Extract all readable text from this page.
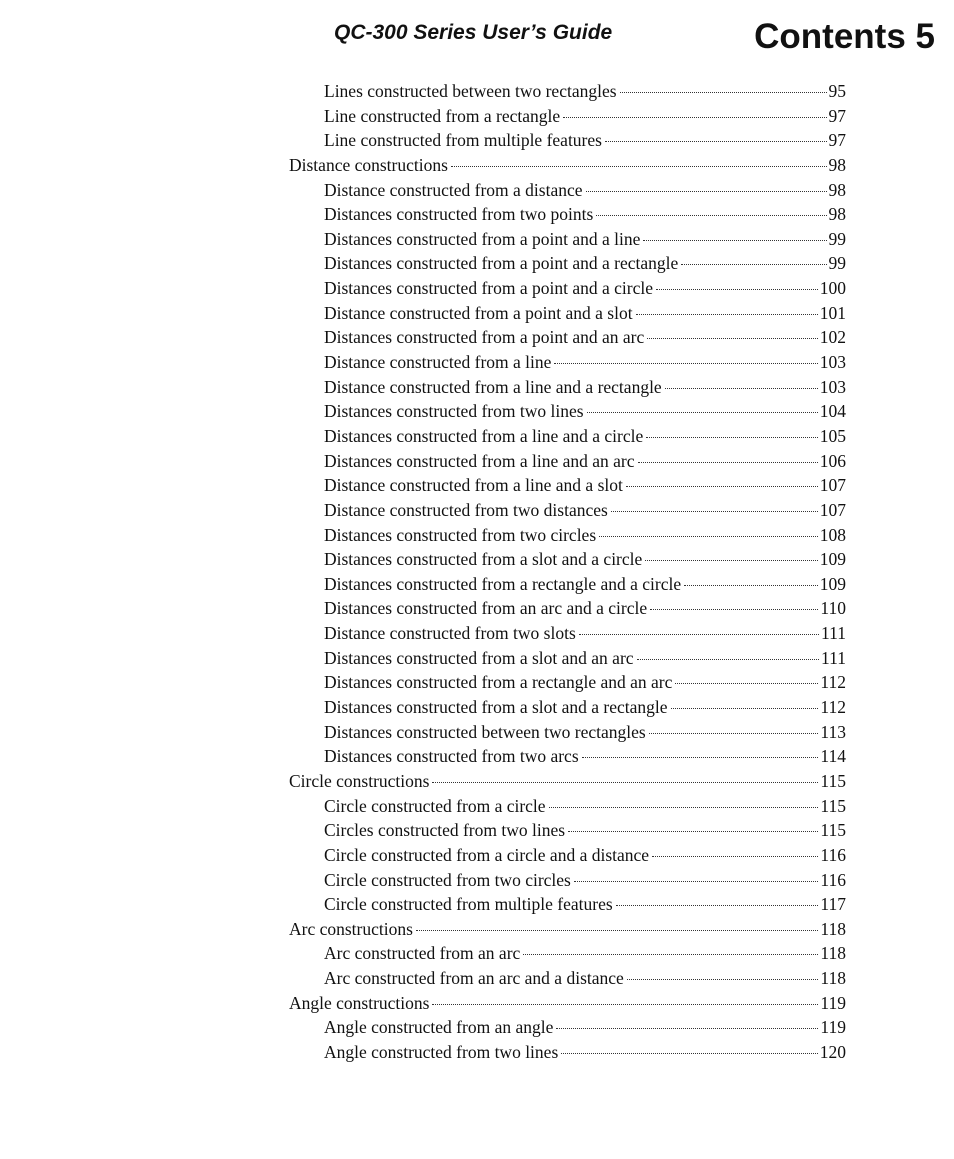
QC-300 Series User’s Guide	Contents 5
Lines constructed between two rectangles	95
Line constructed from a rectangle	97
Line constructed from multiple features	97
Distance constructions	98
Distance constructed from a distance	98
Distances constructed from two points	98
Distances constructed from a point and a line	99
Distances constructed from a point and a rectangle	99
Distances constructed from a point and a circle	100
Distance constructed from a point and a slot	101
Distances constructed from a point and an arc	102
Distance constructed from a line	103
Distance constructed from a line and a rectangle	103
Distances constructed from two lines	104
Distances constructed from a line and a circle	105
Distances constructed from a line and an arc	106
Distance constructed from a line and a slot	107
Distance constructed from two distances	107
Distances constructed from two circles	108
Distances constructed from a slot and a circle	109
Distances constructed from a rectangle and a circle	109
Distances constructed from an arc and a circle	110
Distance constructed from two slots	111
Distances constructed from a slot and an arc	111
Distances constructed from a rectangle and an arc	112
Distances constructed from a slot and a rectangle	112
Distances constructed between two rectangles	113
Distances constructed from two arcs	114
Circle constructions	115
Circle constructed from a circle	115
Circles constructed from two lines	115
Circle constructed from a circle and a distance	116
Circle constructed from two circles	116
Circle constructed from multiple features	117
Arc constructions	118
Arc constructed from an arc	118
Arc constructed from an arc and a distance	118
Angle constructions	119
Angle constructed from an angle	119
Angle constructed from two lines	120
